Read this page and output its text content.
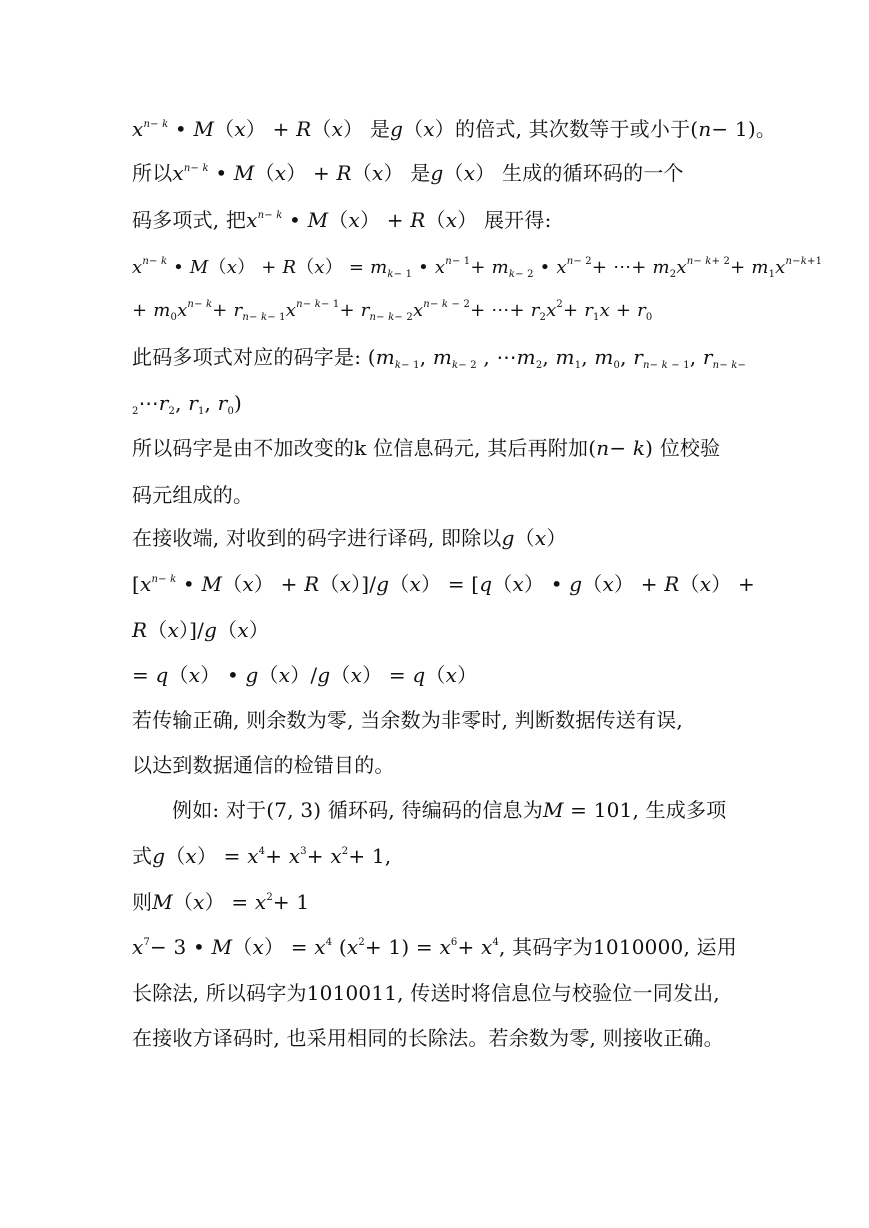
$x^{n- k}$ • M（x） + R（x） 是g（x）的倍式, 其次数等于或小于(n− 1)。
所以$x^{n- k}$ • M（x） + R（x） 是g（x） 生成的循环码的一个
码多项式, 把$x^{n- k}$ • M（x） + R（x） 展开得:
$x^{n- k}$ • $M(x) + R(x) = m_{k- 1}$ • $x^{n- 1}+ m_{k- 2}$ • $x^{n- 2}+$ ⋯+ $m_2x^{n- k+ 2}+ m_1x^{n-k+1}$
+ $m_0x^{n- k}+ r_{n- k- 1}x^{n- k- 1}+ r_{n- k- 2}x^{n- k - 2}+$ ⋯+ $r_2x^2+ r_1x + r_0$
此码多项式对应的码字是: ($m_{k- 1}$, $m_{k- 2}$ , $\cdots m_2$, $m_1$, $m_0$, $r_{n- k - 1}$, $r_{n- k-}$
$_2\cdots r_2$, $r_1$, $r_0$)
所以码字是由不加改变的k 位信息码元, 其后再附加(n− k) 位校验
码元组成的。
在接收端, 对收到的码字进行译码, 即除以g（x）
[$x^{n- k}$ • M（x） + R（x）]/g（x） = [q（x） • g（x） + R（x） +
R（x）]/g（x）
= q（x） • g（x）/g（x） = q（x）
若传输正确, 则余数为零, 当余数为非零时, 判断数据传送有误,
以达到数据通信的检错目的。
例如: 对于(7, 3) 循环码, 待编码的信息为M = 101, 生成多项
式$g(x) = x^4+ x^3+ x^2+ 1$,
则$M(x) = x^2+ 1$
$x^7- 3$ • $M(x) = x^4$ $(x^2+ 1) = x^6+ x^4$, 其码字为1010000, 运用
长除法, 所以码字为1010011, 传送时将信息位与校验位一同发出,
在接收方译码时, 也采用相同的长除法。若余数为零, 则接收正确。
